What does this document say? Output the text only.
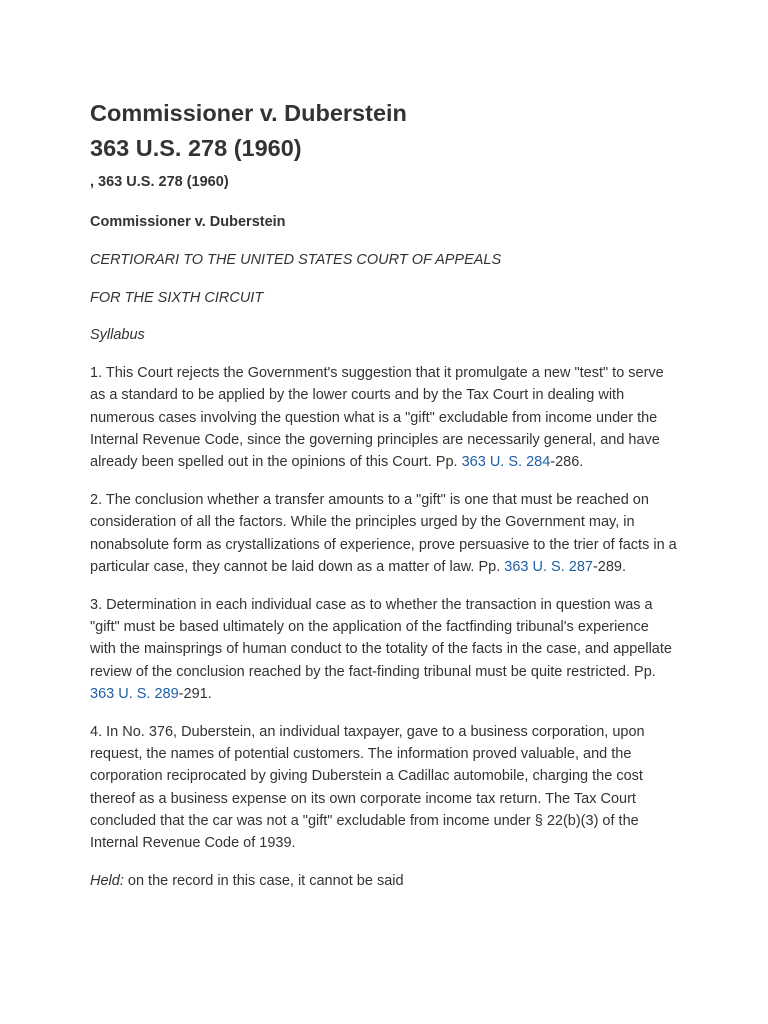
Commissioner v. Duberstein
363 U.S. 278 (1960)
, 363 U.S. 278 (1960)
Commissioner v. Duberstein

CERTIORARI TO THE UNITED STATES COURT OF APPEALS

FOR THE SIXTH CIRCUIT

Syllabus

1. This Court rejects the Government's suggestion that it promulgate a new "test" to serve as a standard to be applied by the lower courts and by the Tax Court in dealing with numerous cases involving the question what is a "gift" excludable from income under the Internal Revenue Code, since the governing principles are necessarily general, and have already been spelled out in the opinions of this Court. Pp. 363 U. S. 284-286.

2. The conclusion whether a transfer amounts to a "gift" is one that must be reached on consideration of all the factors. While the principles urged by the Government may, in nonabsolute form as crystallizations of experience, prove persuasive to the trier of facts in a particular case, they cannot be laid down as a matter of law. Pp. 363 U. S. 287-289.

3. Determination in each individual case as to whether the transaction in question was a "gift" must be based ultimately on the application of the factfinding tribunal's experience with the mainsprings of human conduct to the totality of the facts in the case, and appellate review of the conclusion reached by the fact-finding tribunal must be quite restricted. Pp. 363 U. S. 289-291.

4. In No. 376, Duberstein, an individual taxpayer, gave to a business corporation, upon request, the names of potential customers. The information proved valuable, and the corporation reciprocated by giving Duberstein a Cadillac automobile, charging the cost thereof as a business expense on its own corporate income tax return. The Tax Court concluded that the car was not a "gift" excludable from income under § 22(b)(3) of the Internal Revenue Code of 1939.

Held: on the record in this case, it cannot be said
